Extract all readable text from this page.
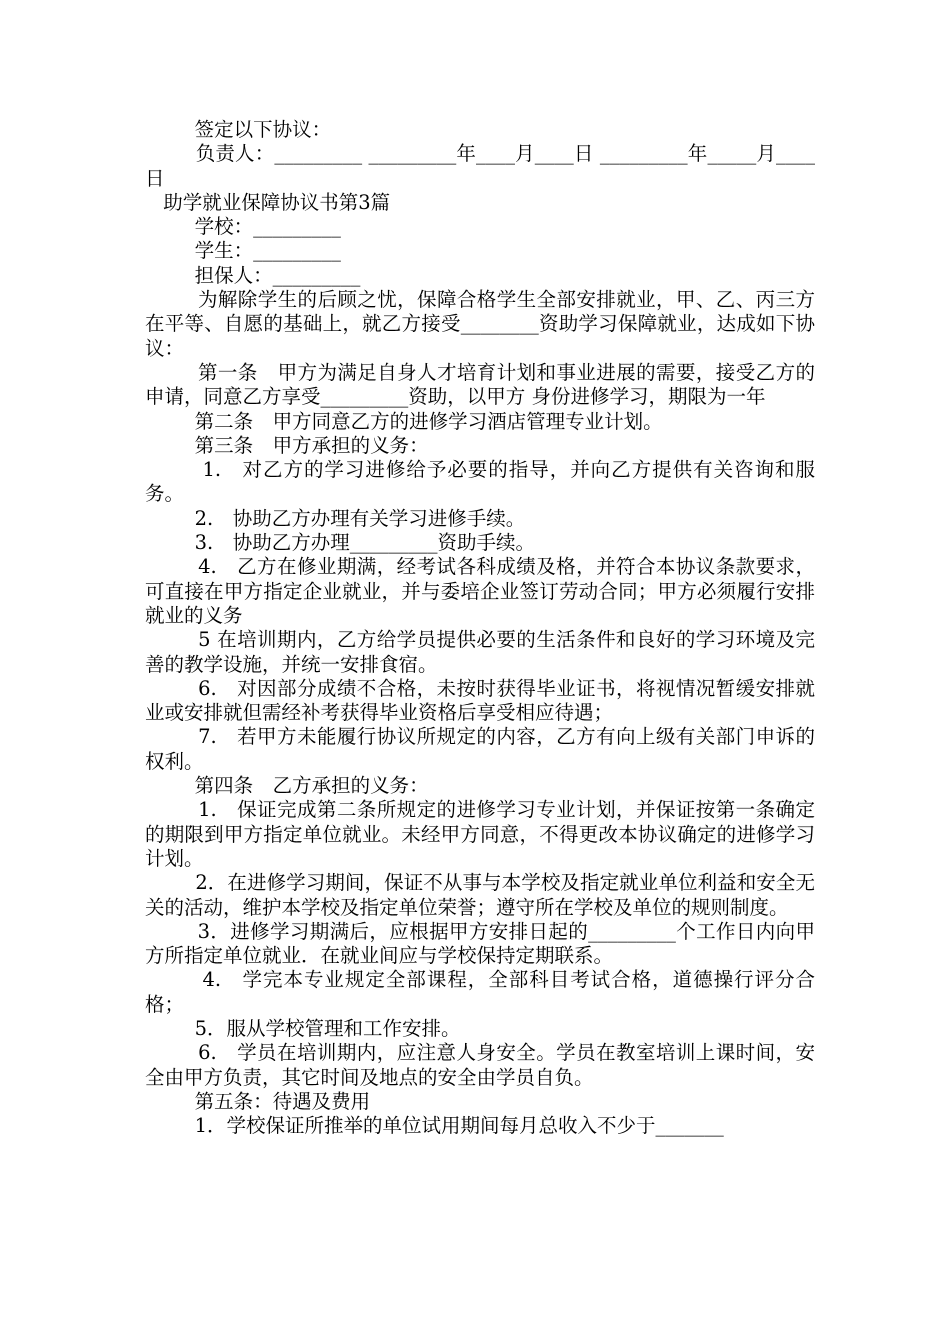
签定以下协议：

负责人：_________ _________年____月____日 _________年_____月____日

助学就业保障协议书第3篇

学校：_________

学生：_________

担保人：_________

为解除学生的后顾之忧，保障合格学生全部安排就业，甲、乙、丙三方在平等、自愿的基础上，就乙方接受________资助学习保障就业，达成如下协议：

第一条　甲方为满足自身人才培育计划和事业进展的需要，接受乙方的申请，同意乙方享受_________资助，以甲方 身份进修学习，期限为一年

第二条　甲方同意乙方的进修学习酒店管理专业计划。

第三条　甲方承担的义务：

1.　对乙方的学习进修给予必要的指导，并向乙方提供有关咨询和服务。

2.　协助乙方办理有关学习进修手续。

3.　协助乙方办理_________资助手续。

4.　乙方在修业期满，经考试各科成绩及格，并符合本协议条款要求，可直接在甲方指定企业就业，并与委培企业签订劳动合同；甲方必须履行安排就业的义务

5 在培训期内，乙方给学员提供必要的生活条件和良好的学习环境及完善的教学设施，并统一安排食宿。

6.　对因部分成绩不合格，未按时获得毕业证书，将视情况暂缓安排就业或安排就但需经补考获得毕业资格后享受相应待遇；

7.　若甲方未能履行协议所规定的内容，乙方有向上级有关部门申诉的权利。

第四条　乙方承担的义务：

1.　保证完成第二条所规定的进修学习专业计划，并保证按第一条确定的期限到甲方指定单位就业。未经甲方同意，不得更改本协议确定的进修学习计划。

2．在进修学习期间，保证不从事与本学校及指定就业单位利益和安全无关的活动，维护本学校及指定单位荣誉；遵守所在学校及单位的规则制度。

3．进修学习期满后，应根据甲方安排日起的_________个工作日内向甲方所指定单位就业．在就业间应与学校保持定期联系。

4.　学完本专业规定全部课程，全部科目考试合格，道德操行评分合格；

5．服从学校管理和工作安排。

6.　学员在培训期内，应注意人身安全。学员在教室培训上课时间，安全由甲方负责，其它时间及地点的安全由学员自负。

第五条：待遇及费用

1．学校保证所推举的单位试用期间每月总收入不少于_______
